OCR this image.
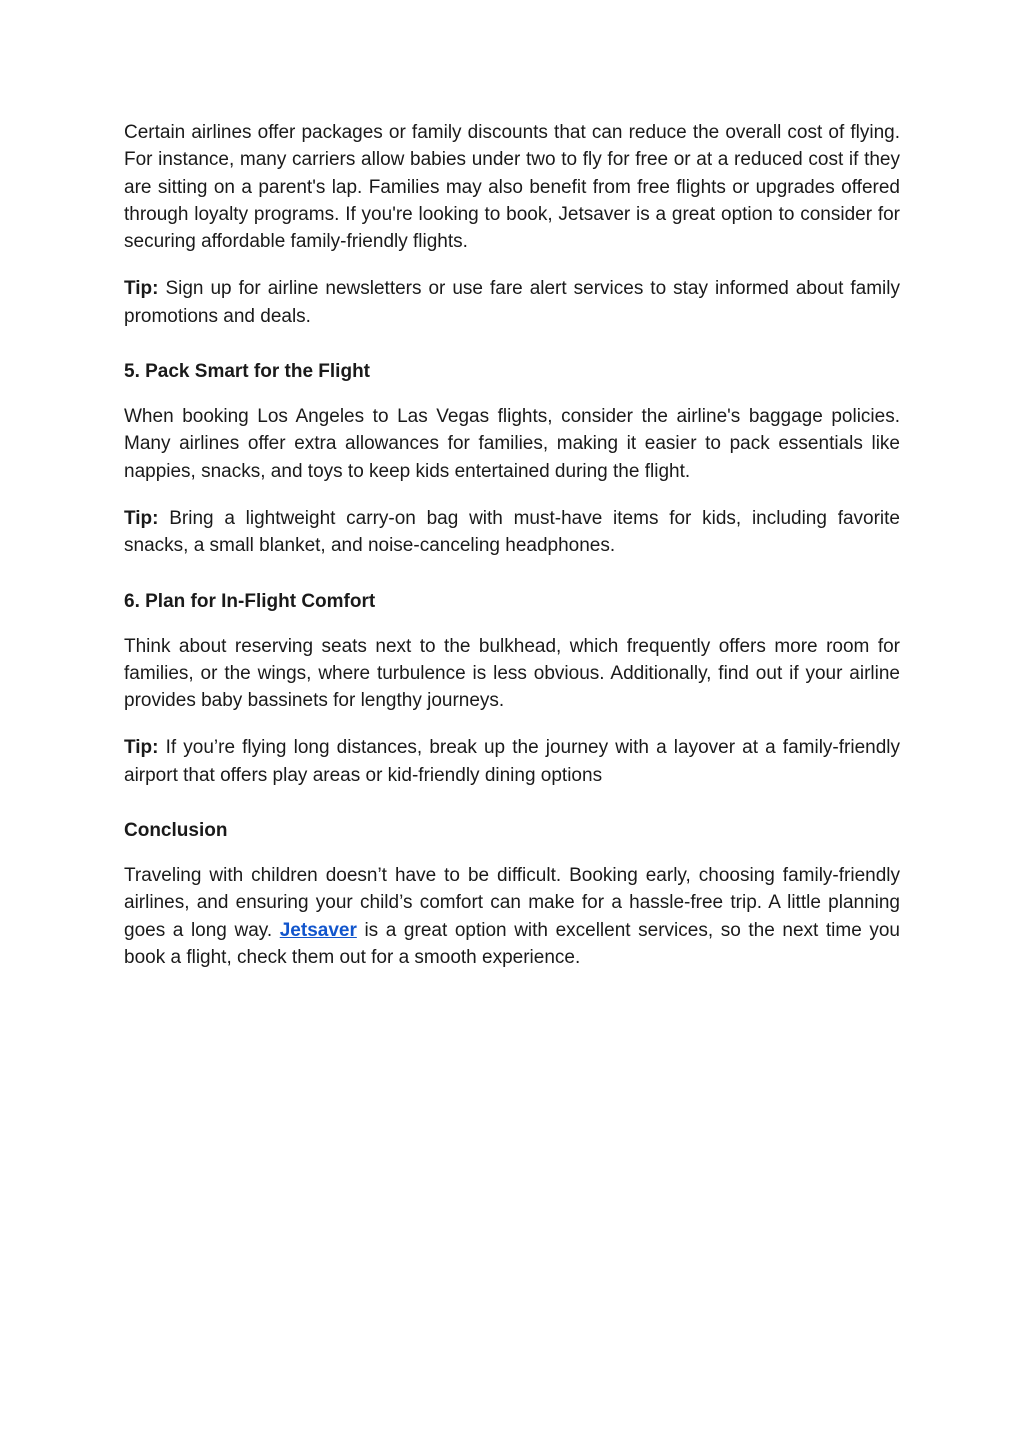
Certain airlines offer packages or family discounts that can reduce the overall cost of flying. For instance, many carriers allow babies under two to fly for free or at a reduced cost if they are sitting on a parent's lap. Families may also benefit from free flights or upgrades offered through loyalty programs. If you're looking to book, Jetsaver is a great option to consider for securing affordable family-friendly flights.

Tip: Sign up for airline newsletters or use fare alert services to stay informed about family promotions and deals.

5. Pack Smart for the Flight

When booking Los Angeles to Las Vegas flights, consider the airline's baggage policies. Many airlines offer extra allowances for families, making it easier to pack essentials like nappies, snacks, and toys to keep kids entertained during the flight.

Tip: Bring a lightweight carry-on bag with must-have items for kids, including favorite snacks, a small blanket, and noise-canceling headphones.

6. Plan for In-Flight Comfort

Think about reserving seats next to the bulkhead, which frequently offers more room for families, or the wings, where turbulence is less obvious. Additionally, find out if your airline provides baby bassinets for lengthy journeys.

Tip: If you’re flying long distances, break up the journey with a layover at a family-friendly airport that offers play areas or kid-friendly dining options

Conclusion

Traveling with children doesn’t have to be difficult. Booking early, choosing family-friendly airlines, and ensuring your child’s comfort can make for a hassle-free trip. A little planning goes a long way. Jetsaver is a great option with excellent services, so the next time you book a flight, check them out for a smooth experience.
